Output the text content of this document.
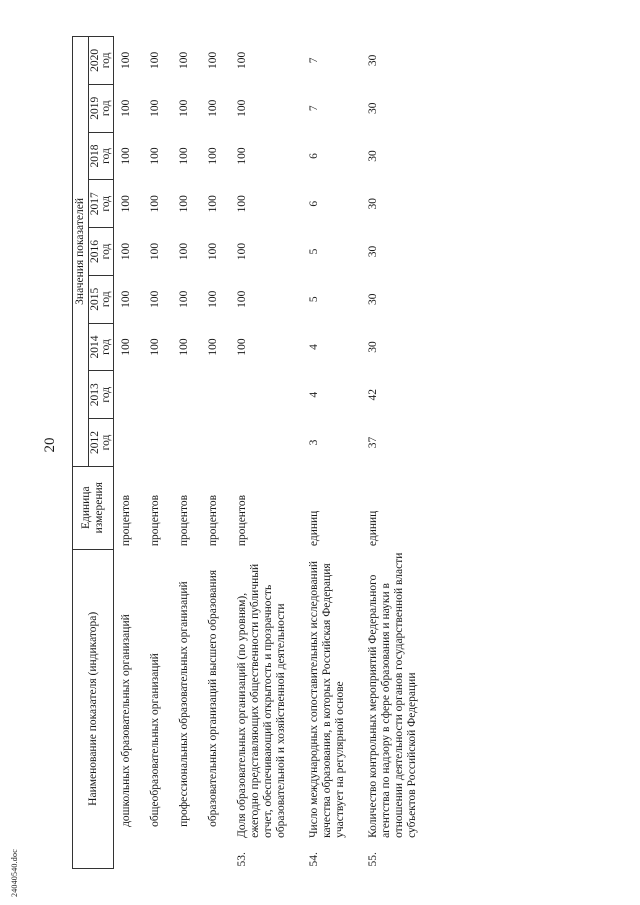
24040540.doc
20
Наименование показателя (индикатора)		Единица
измерения	Значения показателей								
			2012
год	2013
год	2014
год	2015
год	2016
год	2017
год	2018
год	2019
год	2020
год
	дошкольных образовательных организаций	процентов			100	100	100	100	100	100	100
	общеобразовательных организаций	процентов			100	100	100	100	100	100	100
	профессиональных образовательных организаций	процентов			100	100	100	100	100	100	100
	образовательных организаций высшего образования	процентов			100	100	100	100	100	100	100
53.	Доля образовательных организаций (по уровням), ежегодно представляющих общественности публичный отчет, обеспечивающий открытость и прозрачность образовательной и хозяйственной деятельности	процентов			100	100	100	100	100	100	100
54.	Число международных сопоставительных исследований качества образования, в которых Российская Федерация участвует на регулярной основе	единиц	3	4	4	5	5	6	6	7	7
55.	Количество контрольных мероприятий Федерального агентства по надзору в сфере образования и науки в отношении деятельности органов государственной власти субъектов Российской Федерации	единиц	37	42	30	30	30	30	30	30	30
